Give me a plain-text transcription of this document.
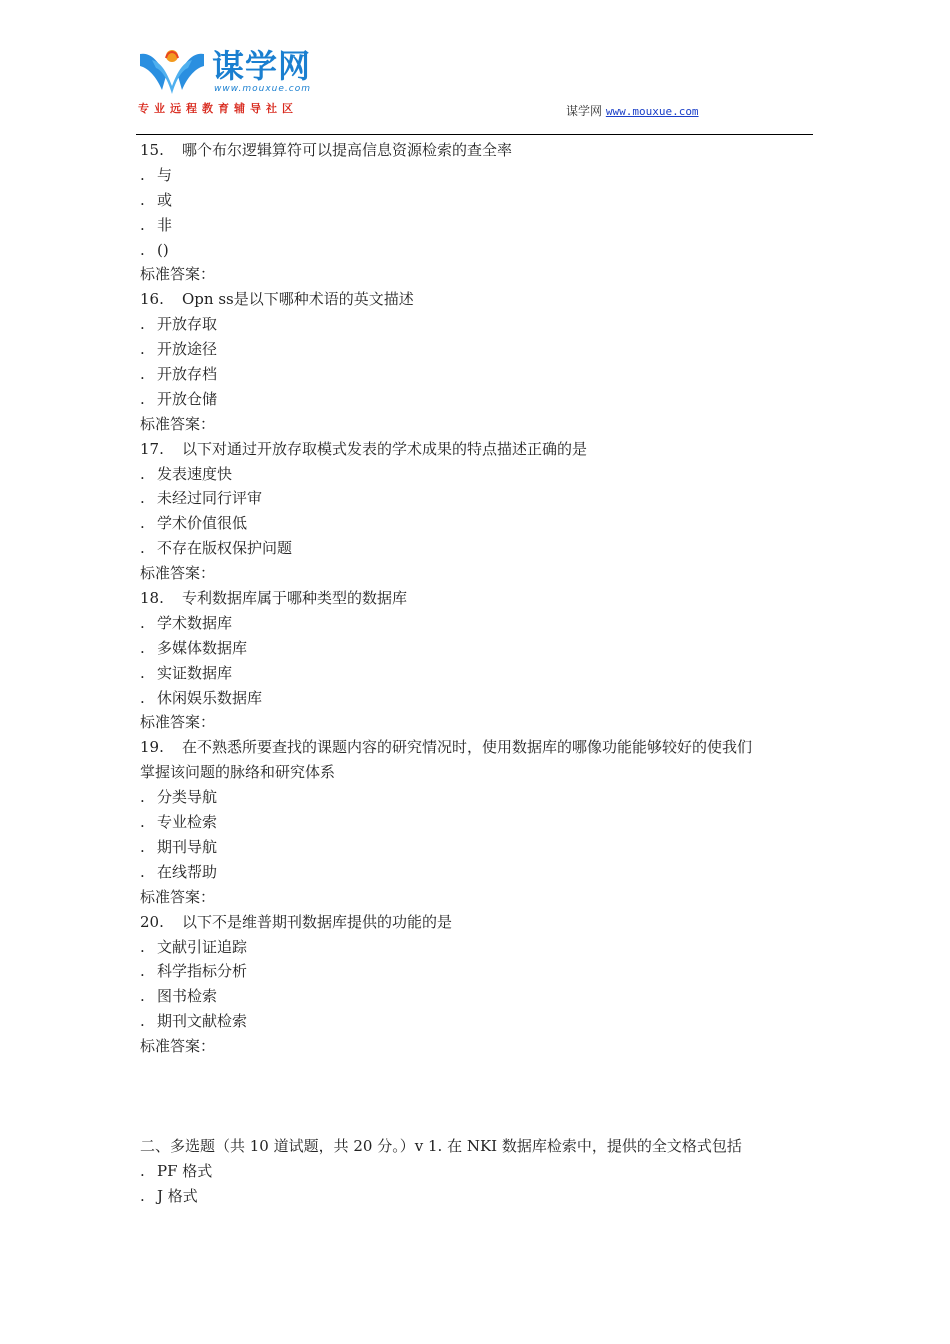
谋学网
www.mouxue.com
专业远程教育辅导社区	谋学网 www.mouxue.com
15. 哪个布尔逻辑算符可以提高信息资源检索的查全率
. 与
. 或
. 非
. ()
标准答案：
16. Opn ss是以下哪种术语的英文描述
. 开放存取
. 开放途径
. 开放存档
. 开放仓储
标准答案：
17. 以下对通过开放存取模式发表的学术成果的特点描述正确的是
. 发表速度快
. 未经过同行评审
. 学术价值很低
. 不存在版权保护问题
标准答案：
18. 专利数据库属于哪种类型的数据库
. 学术数据库
. 多媒体数据库
. 实证数据库
. 休闲娱乐数据库
标准答案：
19. 在不熟悉所要查找的课题内容的研究情况时，使用数据库的哪像功能能够较好的使我们
掌握该问题的脉络和研究体系
. 分类导航
. 专业检索
. 期刊导航
. 在线帮助
标准答案：
20. 以下不是维普期刊数据库提供的功能的是
. 文献引证追踪
. 科学指标分析
. 图书检索
. 期刊文献检索
标准答案：
二、多选题（共 10 道试题，共 20 分。）v 1. 在 NKI 数据库检索中，提供的全文格式包括
. PF 格式
. J 格式
